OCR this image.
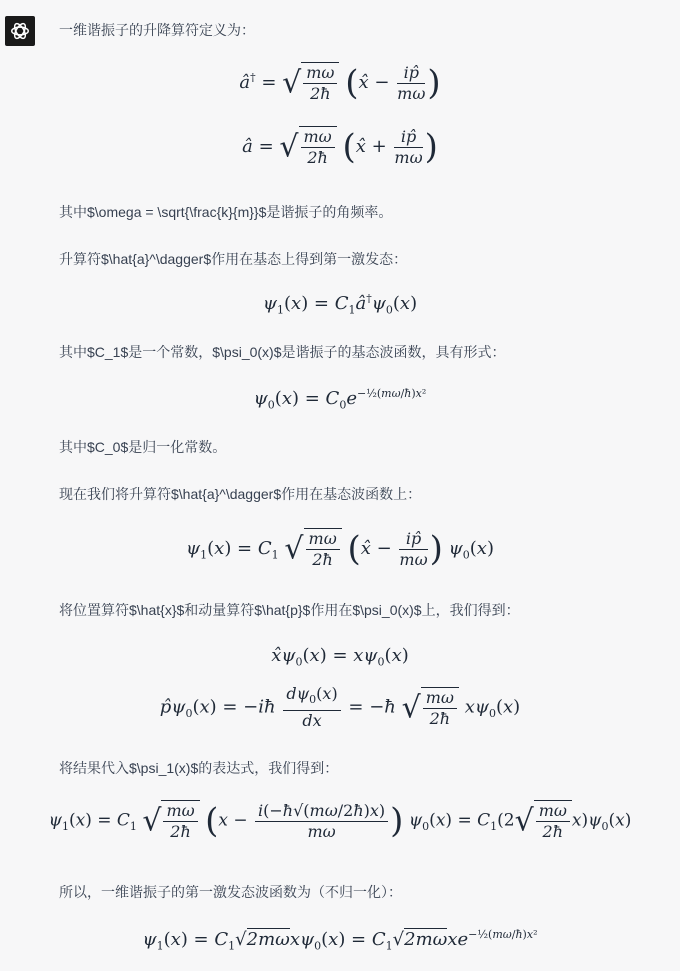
一维谐振子的升降算符定义为：
â† = √ $\frac{m\omega}{2ħ}$ (x̂ − $\frac{ip̂}{m\omega}$ )
â = √ $\frac{m\omega}{2ħ}$ (x̂ + $\frac{ip̂}{m\omega}$ )
其中$\omega = \sqrt{\frac{k}{m}}$是谐振子的角频率。
升算符$\hat{a}^\dagger$作用在基态上得到第一激发态：
$\psi_1(x)$ = $C_1â^\dagger\psi_0(x)$
其中$C_1$是一个常数，$\psi_0(x)$是谐振子的基态波函数，具有形式：
$\psi_0(x) = C_0e^{-\frac{1}{2}(m\omega/ħ)x^2}$
其中$C_0$是归一化常数。
现在我们将升算符$\hat{a}^\dagger$作用在基态波函数上：
$\psi_1(x) = C_1$ √ $\frac{m\omega}{2ħ}$ (x̂ − $\frac{ip̂}{m\omega}$ ) $\psi_0(x)$
将位置算符$\hat{x}$和动量算符$\hat{p}$作用在$\psi_0(x)$上，我们得到：
$x̂\psi_0(x) = x\psi_0(x)$
$p̂\psi_0(x)$ = −iħ $\frac{d\psi_0(x)}{dx}$ = −ħ √ $\frac{m\omega}{2ħ} x\psi_0(x)$
将结果代入$\psi_1(x)$的表达式，我们得到：
$\psi_1(x) = C_1$ √ $\frac{m\omega}{2ħ} (x - \frac{i(-ħ√(m\omega/2ħ)x)}{m\omega}$ ) $\psi_0(x) = C_1(2√ \frac{m\omega}{2ħ} x)\psi_0(x)$
所以，一维谐振子的第一激发态波函数为（不归一化）：
$\psi_1(x) = C_1√2m\omega x\psi_0(x) = C_1√2m\omega xe^{-\frac{1}{2}(m\omega/ħ)x^2}$
